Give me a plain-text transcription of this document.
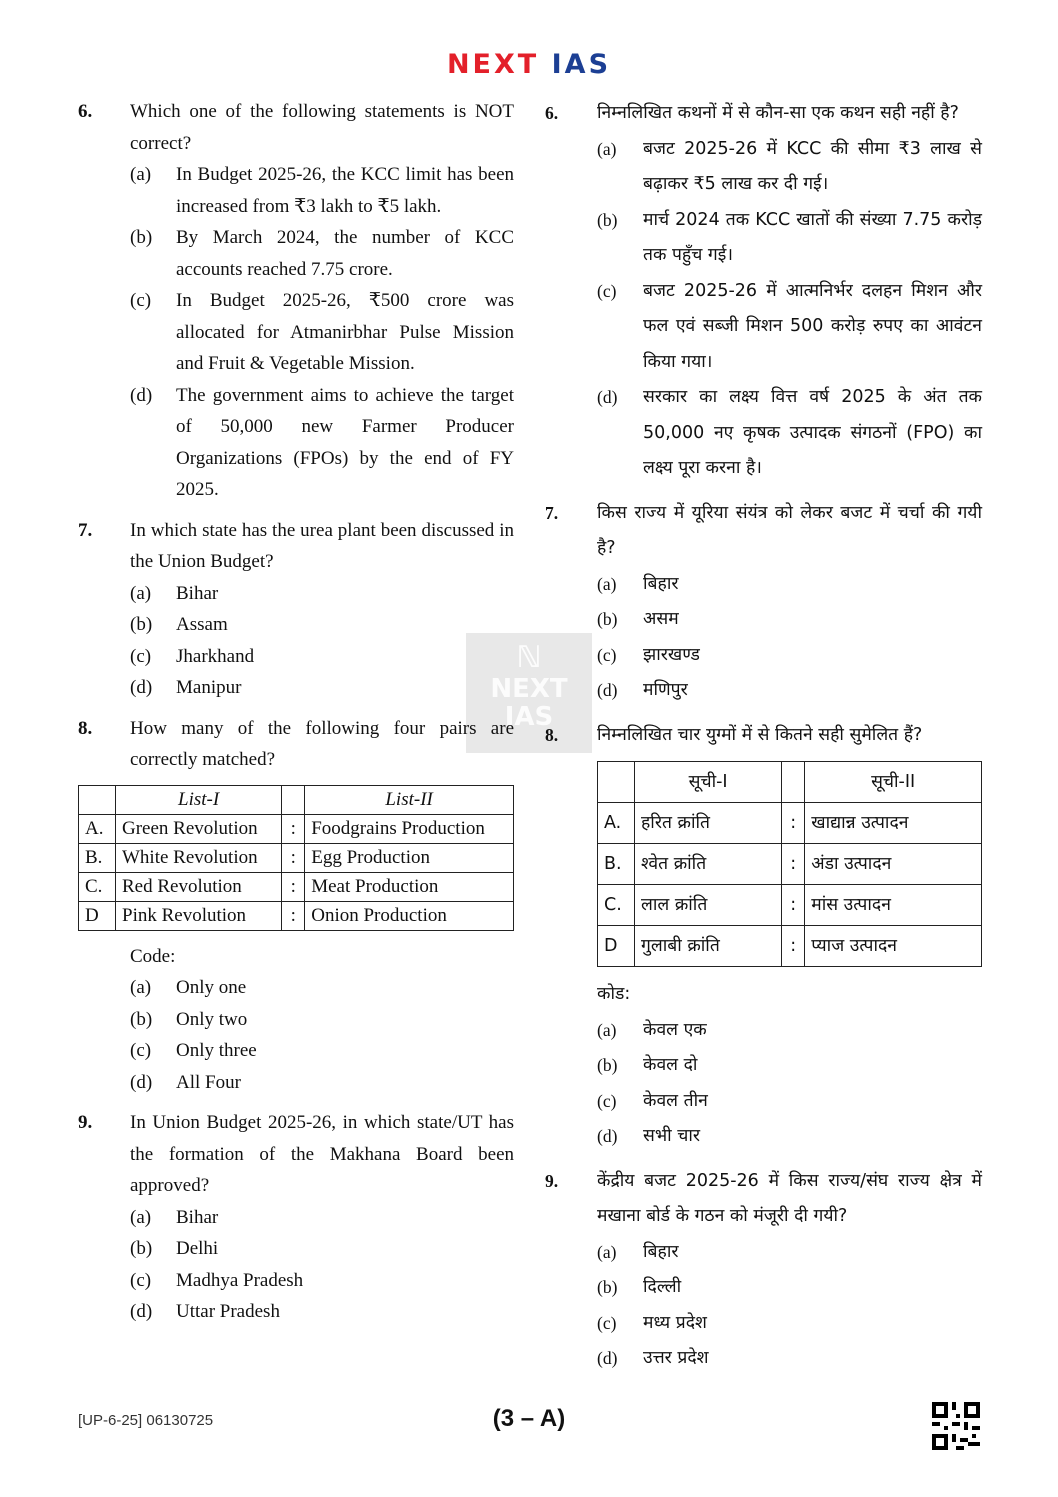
NEXT IAS
ℕ
NEXT
IAS
6. Which one of the following statements is NOT correct?
(a) In Budget 2025-26, the KCC limit has been increased from ₹3 lakh to ₹5 lakh.
(b) By March 2024, the number of KCC accounts reached 7.75 crore.
(c) In Budget 2025-26, ₹500 crore was allocated for Atmanirbhar Pulse Mission and Fruit & Vegetable Mission.
(d) The government aims to achieve the target of 50,000 new Farmer Producer Organizations (FPOs) by the end of FY 2025.
7. In which state has the urea plant been discussed in the Union Budget?
(a) Bihar
(b) Assam
(c) Jharkhand
(d) Manipur
8. How many of the following four pairs are correctly matched?
	List-I		List-II
A.	Green Revolution	:	Foodgrains Production
B.	White Revolution	:	Egg Production
C.	Red Revolution	:	Meat Production
D	Pink Revolution	:	Onion Production
Code:
(a) Only one
(b) Only two
(c) Only three
(d) All Four
9. In Union Budget 2025-26, in which state/UT has the formation of the Makhana Board been approved?
(a) Bihar
(b) Delhi
(c) Madhya Pradesh
(d) Uttar Pradesh
6. निम्नलिखित कथनों में से कौन-सा एक कथन सही नहीं है?
(a) बजट 2025-26 में KCC की सीमा ₹3 लाख से बढ़ाकर ₹5 लाख कर दी गई।
(b) मार्च 2024 तक KCC खातों की संख्या 7.75 करोड़ तक पहुँच गई।
(c) बजट 2025-26 में आत्मनिर्भर दलहन मिशन और फल एवं सब्जी मिशन 500 करोड़ रुपए का आवंटन किया गया।
(d) सरकार का लक्ष्य वित्त वर्ष 2025 के अंत तक 50,000 नए कृषक उत्पादक संगठनों (FPO) का लक्ष्य पूरा करना है।
7. किस राज्य में यूरिया संयंत्र को लेकर बजट में चर्चा की गयी है?
(a) बिहार
(b) असम
(c) झारखण्ड
(d) मणिपुर
8. निम्नलिखित चार युग्मों में से कितने सही सुमेलित हैं?
	सूची-I		सूची-II
A.	हरित क्रांति	:	खाद्यान्न उत्पादन
B.	श्वेत क्रांति	:	अंडा उत्पादन
C.	लाल क्रांति	:	मांस उत्पादन
D	गुलाबी क्रांति	:	प्याज उत्पादन
कोड:
(a) केवल एक
(b) केवल दो
(c) केवल तीन
(d) सभी चार
9. केंद्रीय बजट 2025-26 में किस राज्य/संघ राज्य क्षेत्र में मखाना बोर्ड के गठन को मंजूरी दी गयी?
(a) बिहार
(b) दिल्ली
(c) मध्य प्रदेश
(d) उत्तर प्रदेश
[UP-6-25] 06130725	(3 – A)
